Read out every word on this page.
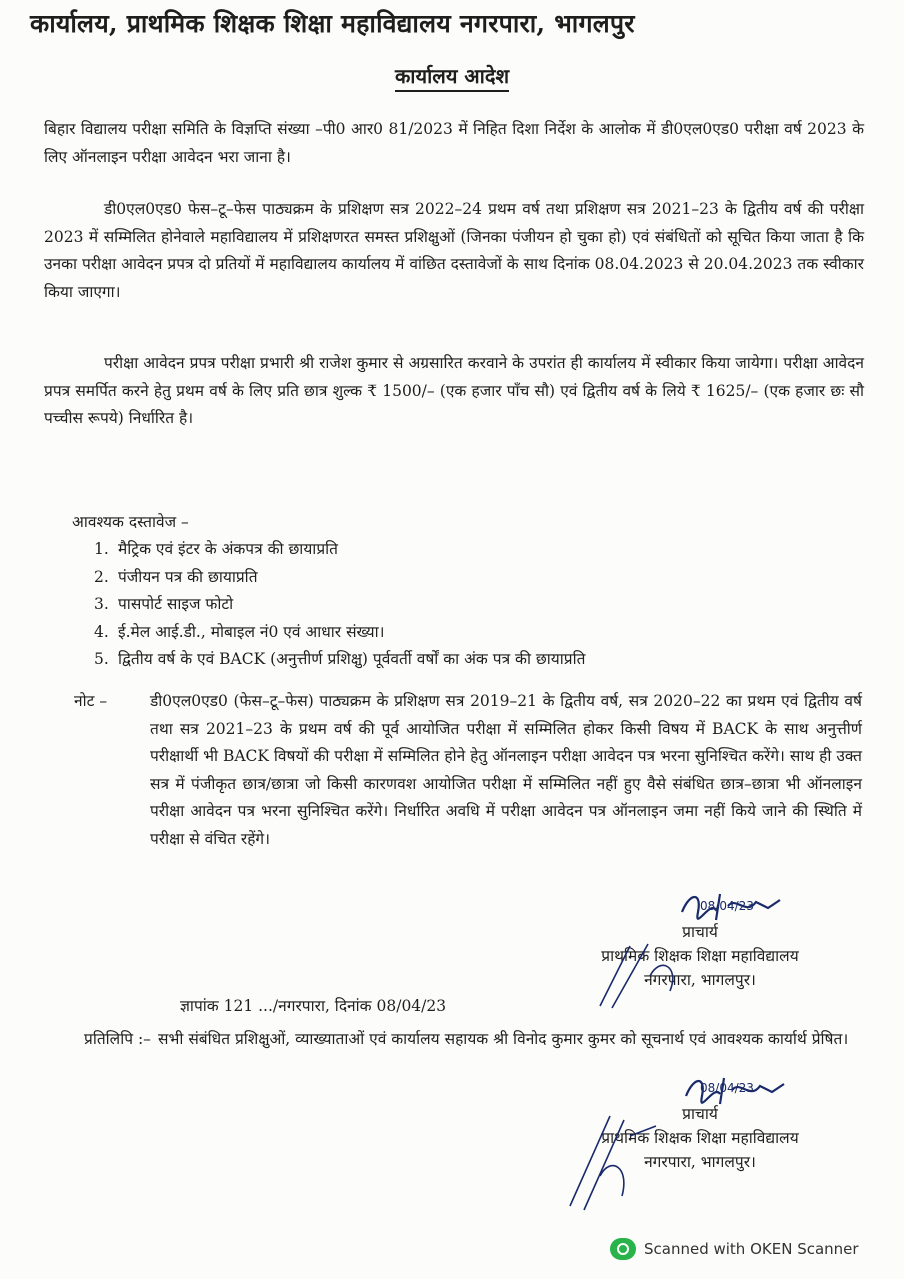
कार्यालय, प्राथमिक शिक्षक शिक्षा महाविद्यालय नगरपारा, भागलपुर
कार्यालय आदेश
बिहार विद्यालय परीक्षा समिति के विज्ञप्ति संख्या –पी0 आर0 81/2023 में निहित दिशा निर्देश के आलोक में डी0एल0एड0 परीक्षा वर्ष 2023 के लिए ऑनलाइन परीक्षा आवेदन भरा जाना है।
डी0एल0एड0 फेस–टू–फेस पाठ्यक्रम के प्रशिक्षण सत्र 2022–24 प्रथम वर्ष तथा प्रशिक्षण सत्र 2021–23 के द्वितीय वर्ष की परीक्षा 2023 में सम्मिलित होनेवाले महाविद्यालय में प्रशिक्षणरत समस्त प्रशिक्षुओं (जिनका पंजीयन हो चुका हो) एवं संबंधितों को सूचित किया जाता है कि उनका परीक्षा आवेदन प्रपत्र दो प्रतियों में महाविद्यालय कार्यालय में वांछित दस्तावेजों के साथ दिनांक 08.04.2023 से 20.04.2023 तक स्वीकार किया जाएगा।
परीक्षा आवेदन प्रपत्र परीक्षा प्रभारी श्री राजेश कुमार से अग्रसारित करवाने के उपरांत ही कार्यालय में स्वीकार किया जायेगा। परीक्षा आवेदन प्रपत्र समर्पित करने हेतु प्रथम वर्ष के लिए प्रति छात्र शुल्क ₹ 1500/– (एक हजार पाँच सौ) एवं द्वितीय वर्ष के लिये ₹ 1625/– (एक हजार छः सौ पच्चीस रूपये) निर्धारित है।
आवश्यक दस्तावेज –
1. मैट्रिक एवं इंटर के अंकपत्र की छायाप्रति
2. पंजीयन पत्र की छायाप्रति
3. पासपोर्ट साइज फोटो
4. ई.मेल आई.डी., मोबाइल नं0 एवं आधार संख्या।
5. द्वितीय वर्ष के एवं BACK (अनुत्तीर्ण प्रशिक्षु) पूर्ववर्ती वर्षों का अंक पत्र की छायाप्रति
नोट –	डी0एल0एड0 (फेस–टू–फेस) पाठ्यक्रम के प्रशिक्षण सत्र 2019–21 के द्वितीय वर्ष, सत्र 2020–22 का प्रथम एवं द्वितीय वर्ष तथा सत्र 2021–23 के प्रथम वर्ष की पूर्व आयोजित परीक्षा में सम्मिलित होकर किसी विषय में BACK के साथ अनुत्तीर्ण परीक्षार्थी भी BACK विषयों की परीक्षा में सम्मिलित होने हेतु ऑनलाइन परीक्षा आवेदन पत्र भरना सुनिश्चित करेंगे। साथ ही उक्त सत्र में पंजीकृत छात्र/छात्रा जो किसी कारणवश आयोजित परीक्षा में सम्मिलित नहीं हुए वैसे संबंधित छात्र–छात्रा भी ऑनलाइन परीक्षा आवेदन पत्र भरना सुनिश्चित करेंगे। निर्धारित अवधि में परीक्षा आवेदन पत्र ऑनलाइन जमा नहीं किये जाने की स्थिति में परीक्षा से वंचित रहेंगे।
08/04/23
प्राचार्य
प्राथमिक शिक्षक शिक्षा महाविद्यालय
नगरपारा, भागलपुर।
ज्ञापांक 121 .../नगरपारा, दिनांक 08/04/23
प्रतिलिपि :– सभी संबंधित प्रशिक्षुओं, व्याख्याताओं एवं कार्यालय सहायक श्री विनोद कुमार कुमर को सूचनार्थ एवं आवश्यक कार्यार्थ प्रेषित।
08/04/23
प्राचार्य
प्राथमिक शिक्षक शिक्षा महाविद्यालय
नगरपारा, भागलपुर।
Scanned with OKEN Scanner
